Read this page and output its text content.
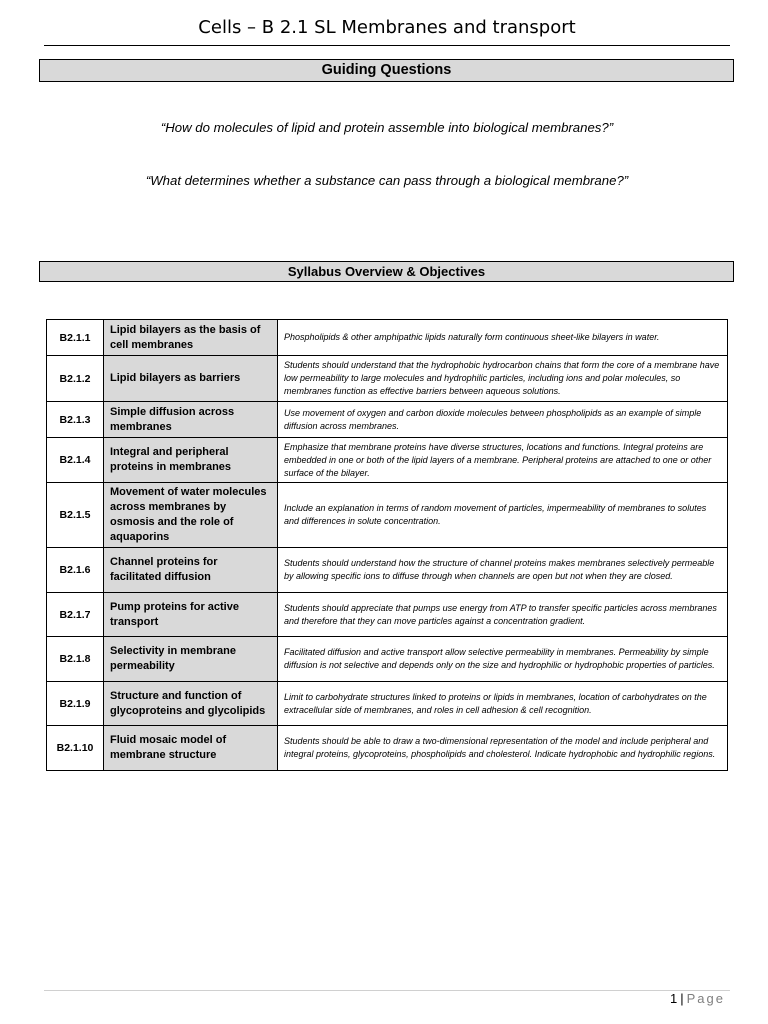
Cells – B 2.1 SL Membranes and transport
Guiding Questions
“How do molecules of lipid and protein assemble into biological membranes?”
“What determines whether a substance can pass through a biological membrane?”
Syllabus Overview & Objectives
B2.1.1	Lipid bilayers as the basis of cell membranes	Phospholipids & other amphipathic lipids naturally form continuous sheet-like bilayers in water.
B2.1.2	Lipid bilayers as barriers	Students should understand that the hydrophobic hydrocarbon chains that form the core of a membrane have low permeability to large molecules and hydrophilic particles, including ions and polar molecules, so membranes function as effective barriers between aqueous solutions.
B2.1.3	Simple diffusion across membranes	Use movement of oxygen and carbon dioxide molecules between phospholipids as an example of simple diffusion across membranes.
B2.1.4	Integral and peripheral proteins in membranes	Emphasize that membrane proteins have diverse structures, locations and functions. Integral proteins are embedded in one or both of the lipid layers of a membrane. Peripheral proteins are attached to one or other surface of the bilayer.
B2.1.5	Movement of water molecules across membranes by osmosis and the role of aquaporins	Include an explanation in terms of random movement of particles, impermeability of membranes to solutes and differences in solute concentration.
B2.1.6	Channel proteins for facilitated diffusion	Students should understand how the structure of channel proteins makes membranes selectively permeable by allowing specific ions to diffuse through when channels are open but not when they are closed.
B2.1.7	Pump proteins for active transport	Students should appreciate that pumps use energy from ATP to transfer specific particles across membranes and therefore that they can move particles against a concentration gradient.
B2.1.8	Selectivity in membrane permeability	Facilitated diffusion and active transport allow selective permeability in membranes. Permeability by simple diffusion is not selective and depends only on the size and hydrophilic or hydrophobic properties of particles.
B2.1.9	Structure and function of glycoproteins and glycolipids	Limit to carbohydrate structures linked to proteins or lipids in membranes, location of carbohydrates on the extracellular side of membranes, and roles in cell adhesion & cell recognition.
B2.1.10	Fluid mosaic model of membrane structure	Students should be able to draw a two-dimensional representation of the model and include peripheral and integral proteins, glycoproteins, phospholipids and cholesterol. Indicate hydrophobic and hydrophilic regions.
1 | Page
